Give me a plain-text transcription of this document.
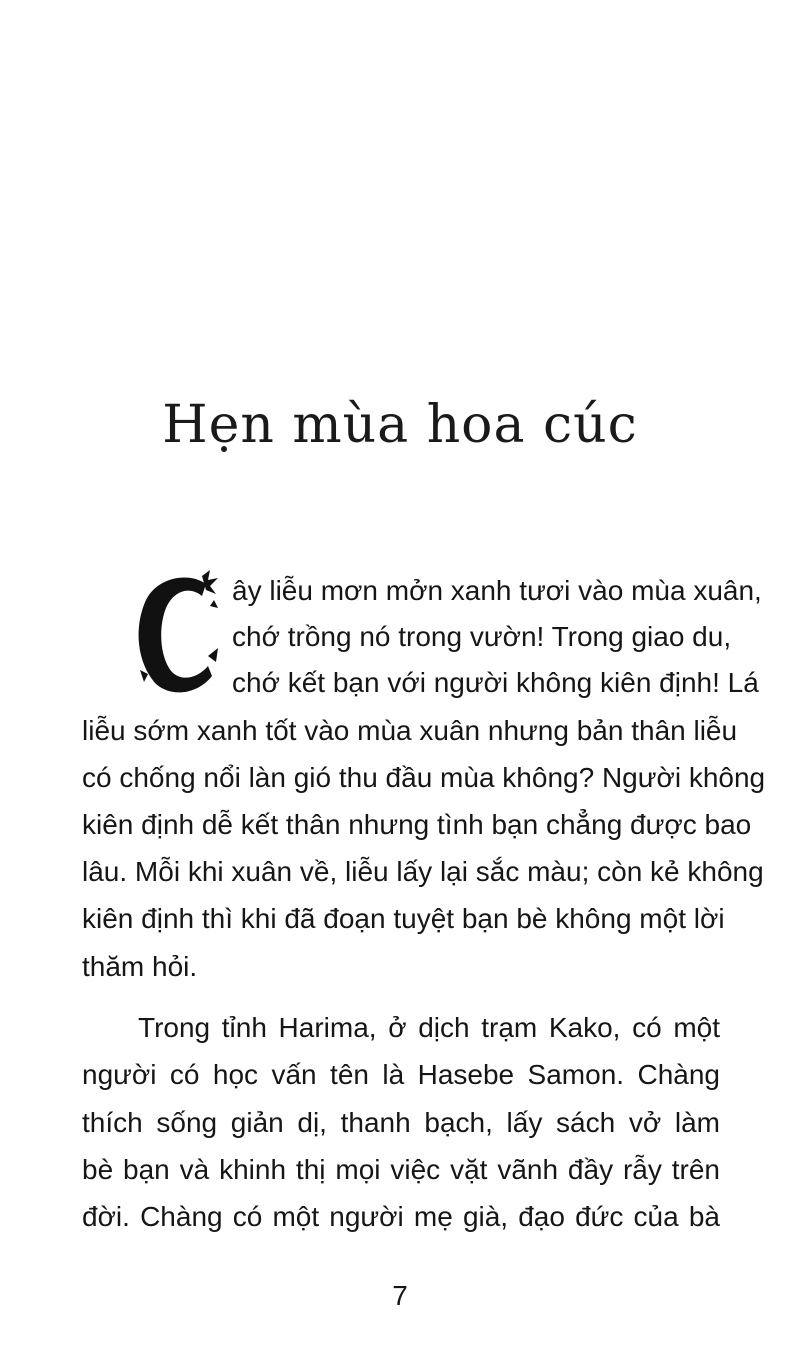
Hẹn mùa hoa cúc
ây liễu mơn mởn xanh tươi vào mùa xuân,
chớ trồng nó trong vườn! Trong giao du,
chớ kết bạn với người không kiên định! Lá
liễu sớm xanh tốt vào mùa xuân nhưng bản thân liễu
có chống nổi làn gió thu đầu mùa không? Người không
kiên định dễ kết thân nhưng tình bạn chẳng được bao
lâu. Mỗi khi xuân về, liễu lấy lại sắc màu; còn kẻ không
kiên định thì khi đã đoạn tuyệt bạn bè không một lời
thăm hỏi.
Trong tỉnh Harima, ở dịch trạm Kako, có một
người có học vấn tên là Hasebe Samon. Chàng
thích sống giản dị, thanh bạch, lấy sách vở làm
bè bạn và khinh thị mọi việc vặt vãnh đầy rẫy trên
đời. Chàng có một người mẹ già, đạo đức của bà
7
